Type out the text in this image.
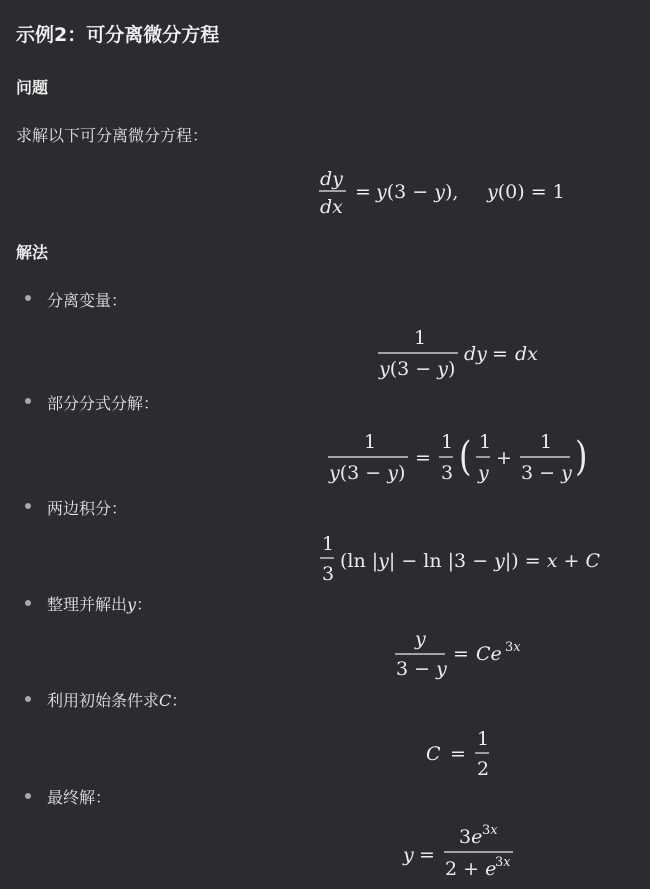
示例2：可分离微分方程
问题
求解以下可分离微分方程：
dy
dx
= y(3 − y), y(0) = 1
解法
分离变量：
1
y(3 − y)
dy = dx
部分分式分解：
1
y(3 − y)
=
1
3 ( 1
y
+
1
3 − y )
两边积分：
1
3
(ln |y| − ln |3 − y|) = x + C
整理并解出y：
y
3 − y
= Ce 3x
利用初始条件求C：
C =
1
2
最终解：
y =
3e 3x
2 + e
3x
